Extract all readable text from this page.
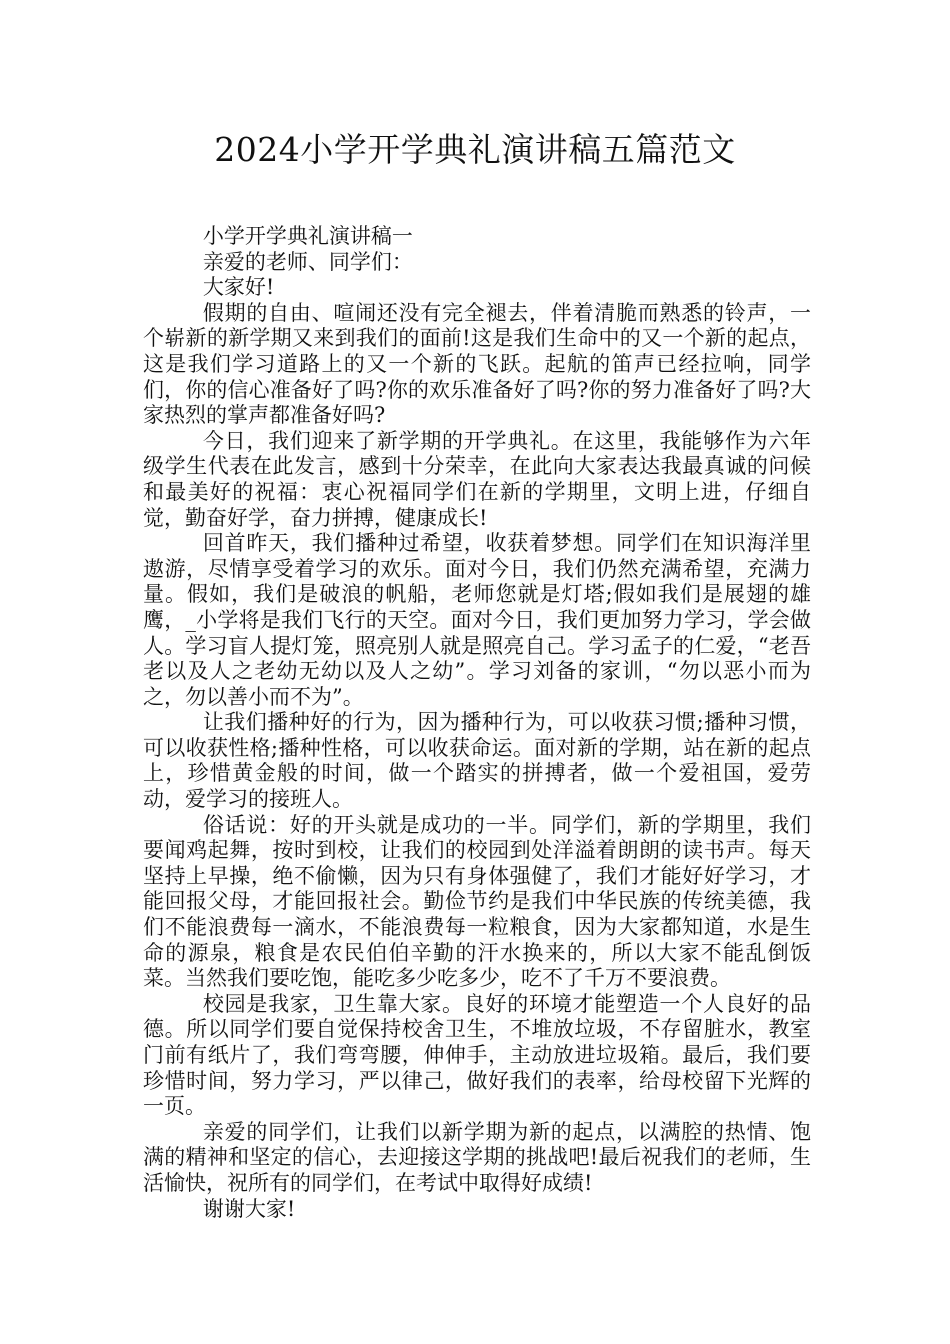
2024小学开学典礼演讲稿五篇范文

小学开学典礼演讲稿一

亲爱的老师、同学们：

大家好!

假期的自由、喧闹还没有完全褪去，伴着清脆而熟悉的铃声，一个崭新的新学期又来到我们的面前!这是我们生命中的又一个新的起点，这是我们学习道路上的又一个新的飞跃。起航的笛声已经拉响，同学们，你的信心准备好了吗?你的欢乐准备好了吗?你的努力准备好了吗?大家热烈的掌声都准备好吗?

今日，我们迎来了新学期的开学典礼。在这里，我能够作为六年级学生代表在此发言，感到十分荣幸，在此向大家表达我最真诚的问候和最美好的祝福：衷心祝福同学们在新的学期里，文明上进，仔细自觉，勤奋好学，奋力拼搏，健康成长!

回首昨天，我们播种过希望，收获着梦想。同学们在知识海洋里遨游，尽情享受着学习的欢乐。面对今日，我们仍然充满希望，充满力量。假如，我们是破浪的帆船，老师您就是灯塔;假如我们是展翅的雄鹰，_小学将是我们飞行的天空。面对今日，我们更加努力学习，学会做人。学习盲人提灯笼，照亮别人就是照亮自己。学习孟子的仁爱，“老吾老以及人之老幼无幼以及人之幼”。学习刘备的家训，“勿以恶小而为之，勿以善小而不为”。

让我们播种好的行为，因为播种行为，可以收获习惯;播种习惯，可以收获性格;播种性格，可以收获命运。面对新的学期，站在新的起点上，珍惜黄金般的时间，做一个踏实的拼搏者，做一个爱祖国，爱劳动，爱学习的接班人。

俗话说：好的开头就是成功的一半。同学们，新的学期里，我们要闻鸡起舞，按时到校，让我们的校园到处洋溢着朗朗的读书声。每天坚持上早操，绝不偷懒，因为只有身体强健了，我们才能好好学习，才能回报父母，才能回报社会。勤俭节约是我们中华民族的传统美德，我们不能浪费每一滴水，不能浪费每一粒粮食，因为大家都知道，水是生命的源泉，粮食是农民伯伯辛勤的汗水换来的，所以大家不能乱倒饭菜。当然我们要吃饱，能吃多少吃多少，吃不了千万不要浪费。

校园是我家，卫生靠大家。良好的环境才能塑造一个人良好的品德。所以同学们要自觉保持校舍卫生，不堆放垃圾，不存留脏水，教室门前有纸片了，我们弯弯腰，伸伸手，主动放进垃圾箱。最后，我们要珍惜时间，努力学习，严以律己，做好我们的表率，给母校留下光辉的一页。

亲爱的同学们，让我们以新学期为新的起点，以满腔的热情、饱满的精神和坚定的信心，去迎接这学期的挑战吧!最后祝我们的老师，生活愉快，祝所有的同学们，在考试中取得好成绩!

谢谢大家!
